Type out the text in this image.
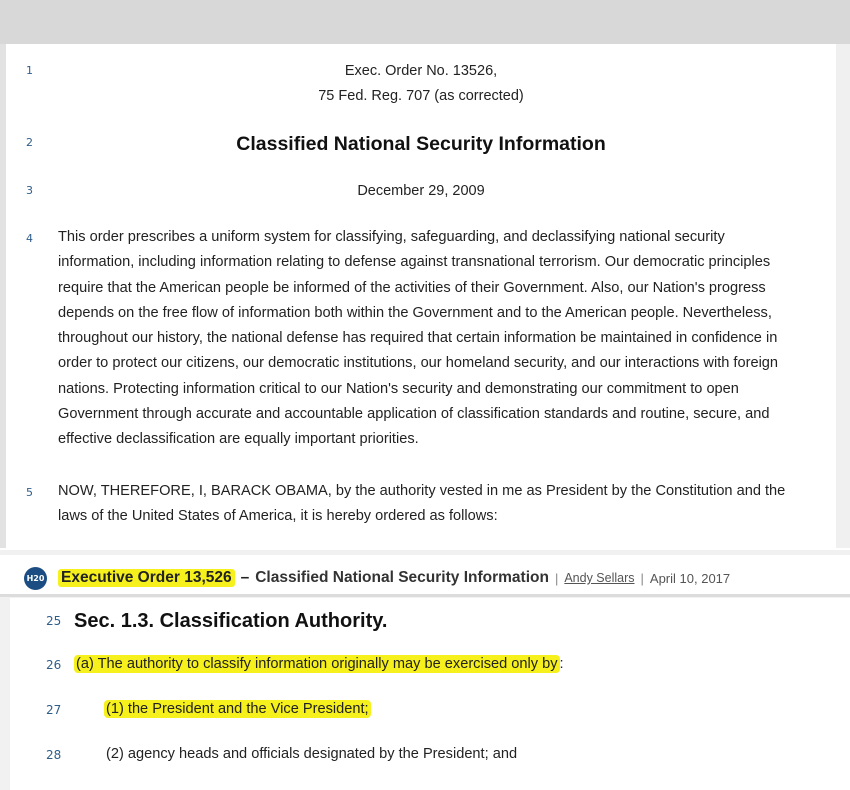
1	Exec. Order No. 13526,
75 Fed. Reg. 707 (as corrected)
2	Classified National Security Information
3	December 29, 2009
4 This order prescribes a uniform system for classifying, safeguarding, and declassifying national security
information, including information relating to defense against transnational terrorism. Our democratic principles
require that the American people be informed of the activities of their Government. Also, our Nation's progress
depends on the free flow of information both within the Government and to the American people. Nevertheless,
throughout our history, the national defense has required that certain information be maintained in confidence in
order to protect our citizens, our democratic institutions, our homeland security, and our interactions with foreign
nations. Protecting information critical to our Nation's security and demonstrating our commitment to open
Government through accurate and accountable application of classification standards and routine, secure, and
effective declassification are equally important priorities.
5 NOW, THEREFORE, I, BARACK OBAMA, by the authority vested in me as President by the Constitution and the
laws of the United States of America, it is hereby ordered as follows:
H20 Executive Order 13,526 – Classified National Security Information | Andy Sellars | April 10, 2017
25 Sec. 1.3. Classification Authority.
26 (a) The authority to classify information originally may be exercised only by :
27	(1) the President and the Vice President;
28	(2) agency heads and officials designated by the President; and
